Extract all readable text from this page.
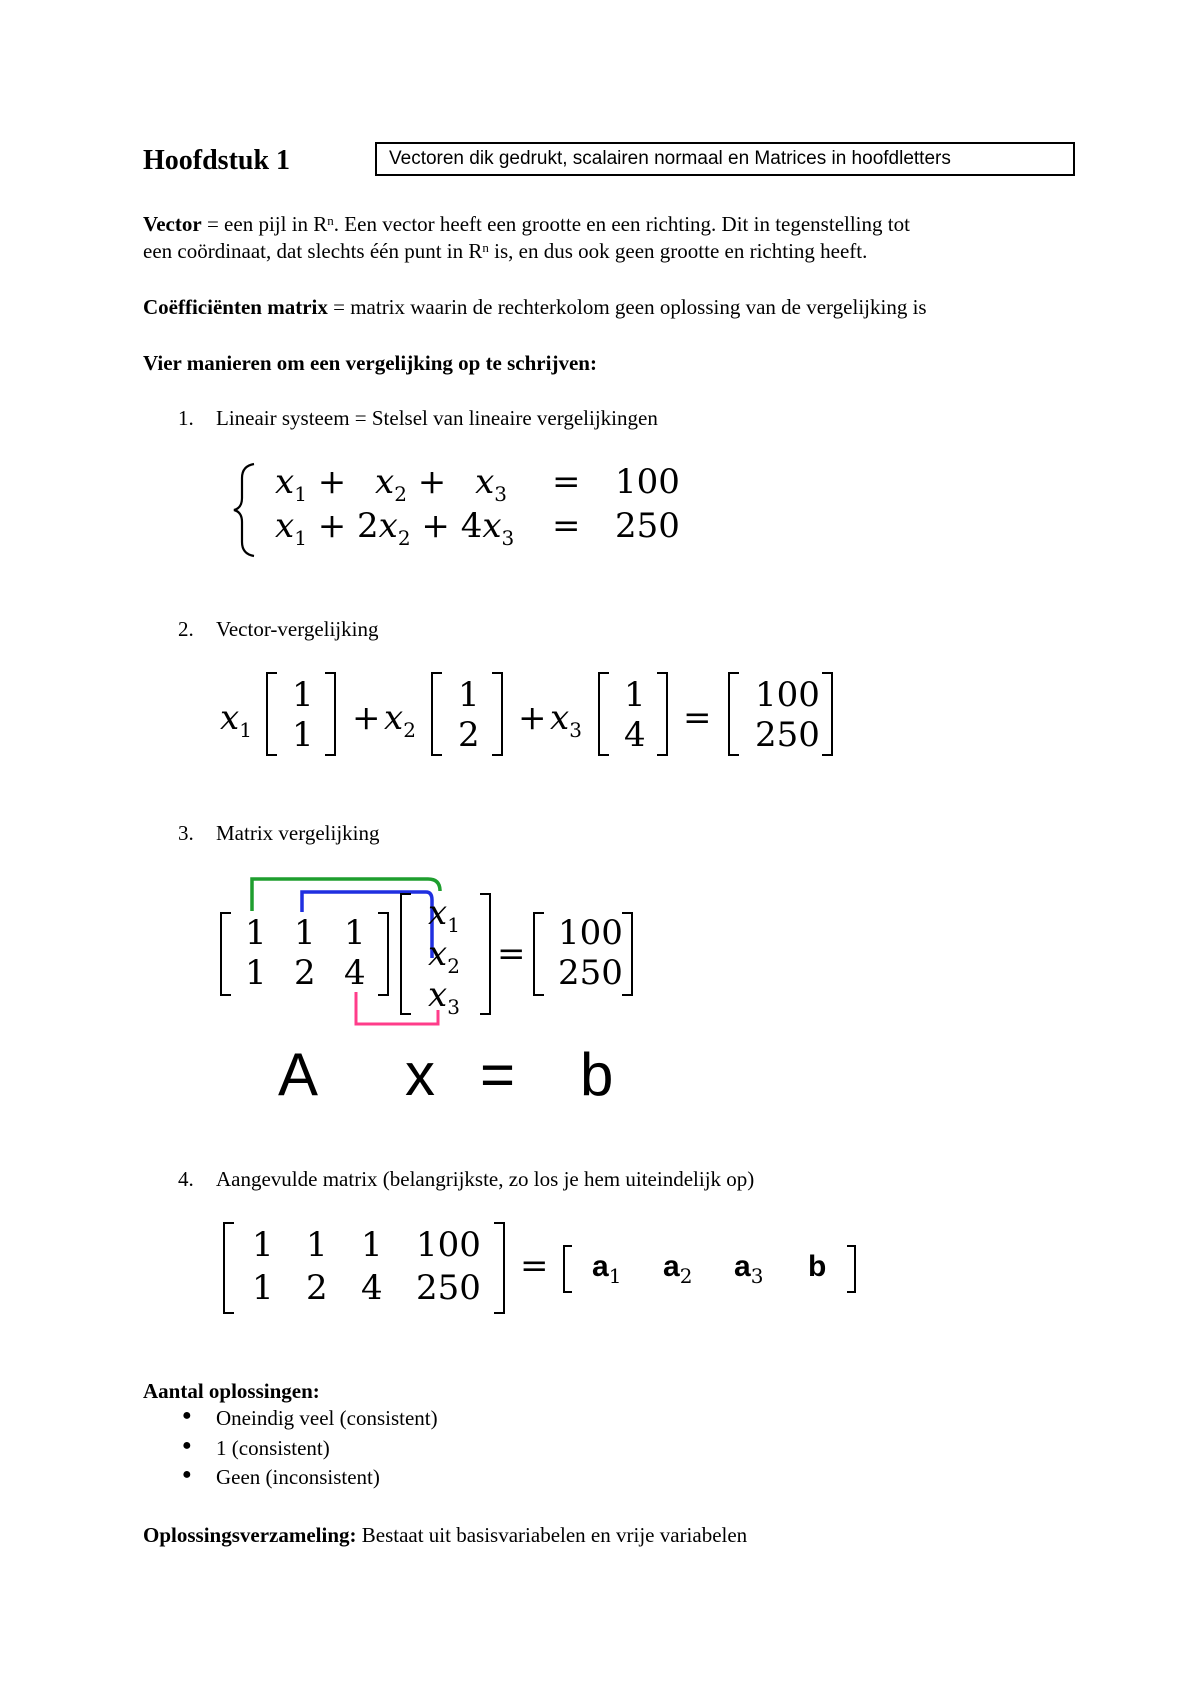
Hoofdstuk 1	Vectoren dik gedrukt, scalairen normaal en Matrices in hoofdletters
Vector = een pijl in $R^n$. Een vector heeft een grootte en een richting. Dit in tegenstelling tot
een coördinaat, dat slechts één punt in $R^n$ is, en dus ook geen grootte en richting heeft.
Coëfficiënten matrix = matrix waarin de rechterkolom geen oplossing van de vergelijking is
Vier manieren om een vergelijking op te schrijven:
1. Lineair systeem = Stelsel van lineaire vergelijkingen
$x_1 + x_2 + x_3 = 100$
$x_1 + 2x_2 + 4x_3 = 250$
2. Vector-vergelijking
$x_1$
1
$1 + x_2$
1
$2 + x_3$
1
4 =
100
250
3. Matrix vergelijking
1 1 1
1 2 4
$x_1$
$x_2$
$x_3$
=
100
250
A x = b
4. Aangevulde matrix (belangrijkste, zo los je hem uiteindelijk op)
1 1 1 100
1 2 4 250
= $a_1$ $a_2$ $a_3$ b
Aantal oplossingen:
● Oneindig veel (consistent)
● 1 (consistent)
● Geen (inconsistent)
Oplossingsverzameling: Bestaat uit basisvariabelen en vrije variabelen
